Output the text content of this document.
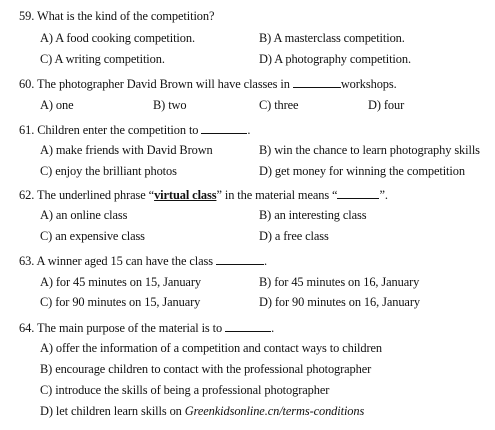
59. What is the kind of the competition?
A) A food cooking competition.	B) A masterclass competition.
C) A writing competition.	D) A photography competition.
60. The photographer David Brown will have classes in	workshops.
A) one	B) two	C) three	D) four
61. Children enter the competition to	.
A) make friends with David Brown	B) win the chance to learn photography skills
C) enjoy the brilliant photos	D) get money for winning the competition
62. The underlined phrase “virtual class” in the material means “	”.
A) an online class	B) an interesting class
C) an expensive class	D) a free class
63. A winner aged 15 can have the class	.
A) for 45 minutes on 15, January	B) for 45 minutes on 16, January
C) for 90 minutes on 15, January	D) for 90 minutes on 16, January
64. The main purpose of the material is to	.
A) offer the information of a competition and contact ways to children
B) encourage children to contact with the professional photographer
C) introduce the skills of being a professional photographer
D) let children learn skills on Greenkidsonline.cn/terms-conditions
